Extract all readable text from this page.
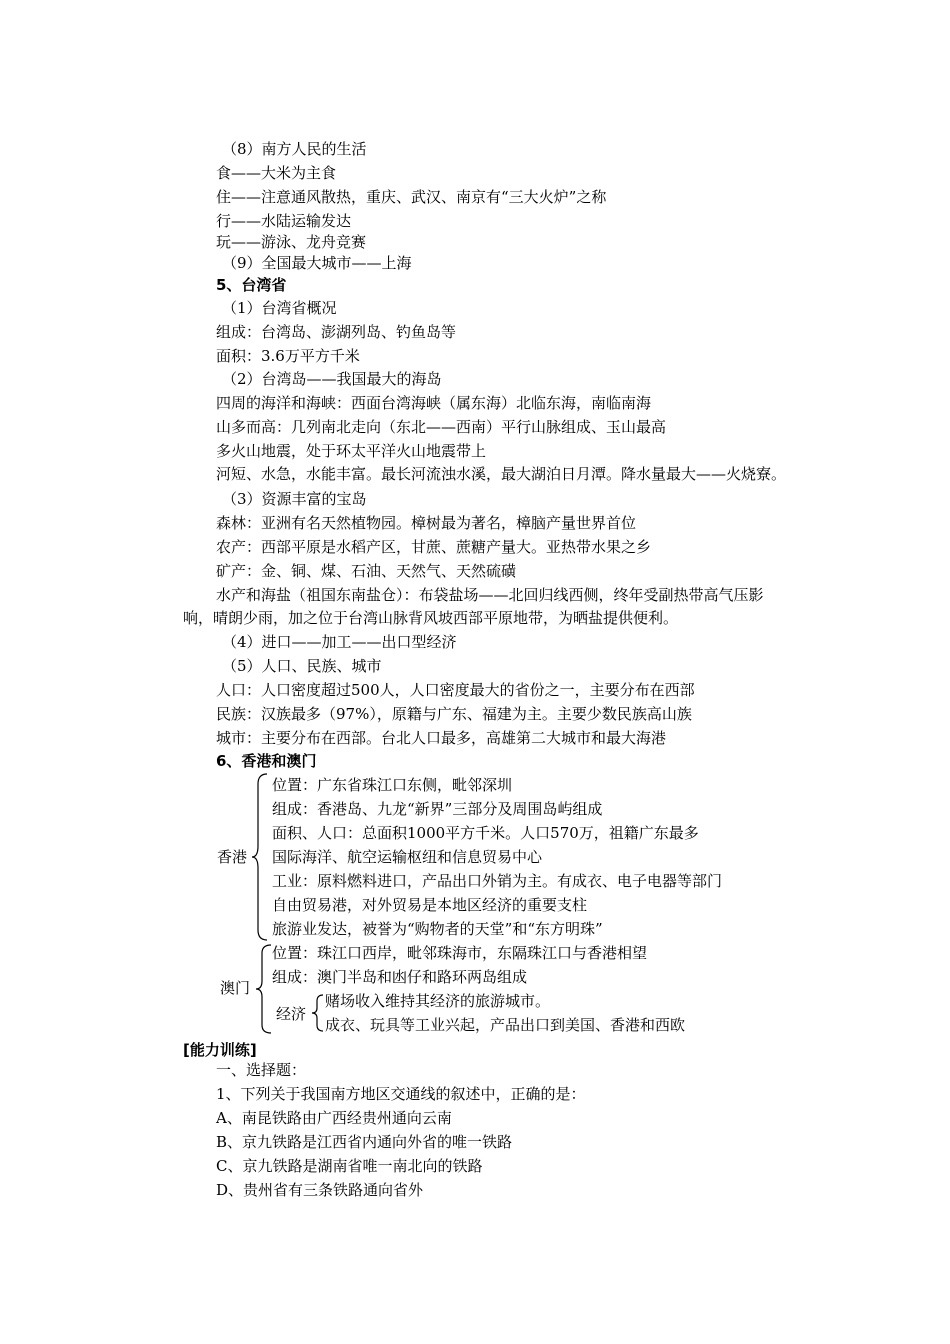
（8）南方人民的生活
食——大米为主食
住——注意通风散热，重庆、武汉、南京有“三大火炉”之称
行——水陆运输发达
玩——游泳、龙舟竞赛
（9）全国最大城市——上海
5、台湾省
（1）台湾省概况
组成：台湾岛、澎湖列岛、钓鱼岛等
面积：3.6万平方千米
（2）台湾岛——我国最大的海岛
四周的海洋和海峡：西面台湾海峡（属东海）北临东海，南临南海
山多而高：几列南北走向（东北——西南）平行山脉组成、玉山最高
多火山地震，处于环太平洋火山地震带上
河短、水急，水能丰富。最长河流浊水溪，最大湖泊日月潭。降水量最大——火烧寮。
（3）资源丰富的宝岛
森林：亚洲有名天然植物园。樟树最为著名，樟脑产量世界首位
农产：西部平原是水稻产区，甘蔗、蔗糖产量大。亚热带水果之乡
矿产：金、铜、煤、石油、天然气、天然硫磺
水产和海盐（祖国东南盐仓）：布袋盐场——北回归线西侧，终年受副热带高气压影
响，晴朗少雨，加之位于台湾山脉背风坡西部平原地带，为晒盐提供便利。
（4）进口——加工——出口型经济
（5）人口、民族、城市
人口：人口密度超过500人，人口密度最大的省份之一，主要分布在西部
民族：汉族最多（97%），原籍与广东、福建为主。主要少数民族高山族
城市：主要分布在西部。台北人口最多，高雄第二大城市和最大海港
6、香港和澳门
香港
位置：广东省珠江口东侧，毗邻深圳
组成：香港岛、九龙“新界”三部分及周围岛屿组成
面积、人口：总面积1000平方千米。人口570万，祖籍广东最多
国际海洋、航空运输枢纽和信息贸易中心
工业：原料燃料进口，产品出口外销为主。有成衣、电子电器等部门
自由贸易港，对外贸易是本地区经济的重要支柱
旅游业发达，被誉为“购物者的天堂”和“东方明珠”
澳门
位置：珠江口西岸，毗邻珠海市，东隔珠江口与香港相望
组成：澳门半岛和凼仔和路环两岛组成
经济
赌场收入维持其经济的旅游城市。
成衣、玩具等工业兴起，产品出口到美国、香港和西欧
[能力训练]
一、选择题：
1、下列关于我国南方地区交通线的叙述中，正确的是：
A、南昆铁路由广西经贵州通向云南
B、京九铁路是江西省内通向外省的唯一铁路
C、京九铁路是湖南省唯一南北向的铁路
D、贵州省有三条铁路通向省外
